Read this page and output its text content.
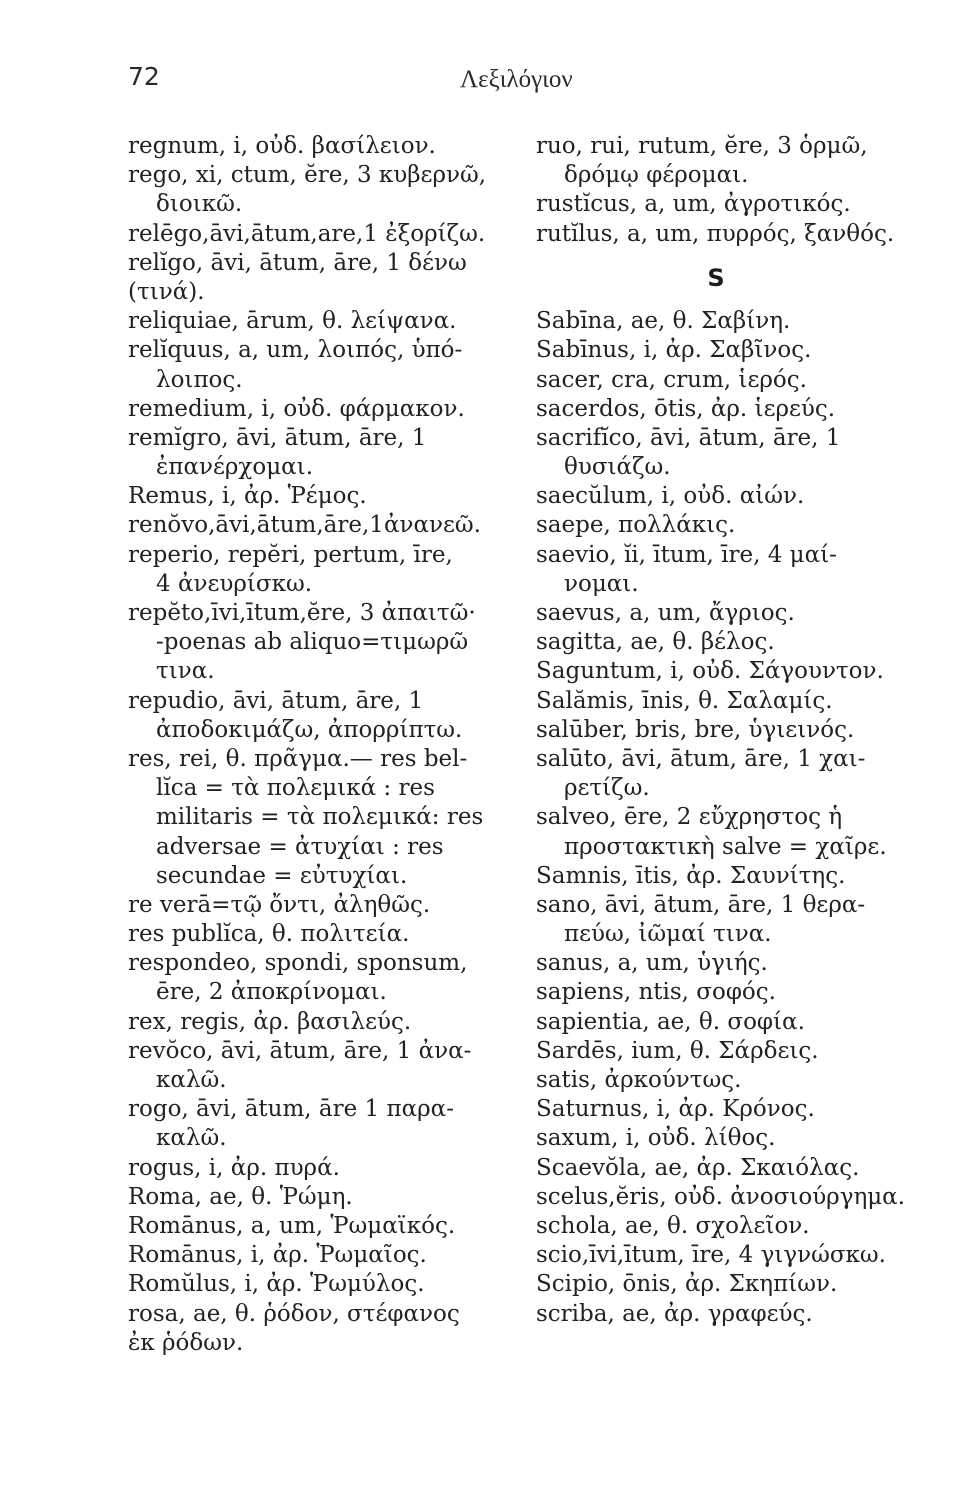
72	Λεξιλόγιον
regnum, i, οὐδ. βασίλειον.
rego, xi, ctum, ĕre, 3 κυβερνῶ,
διοικῶ.
relēgo,āvi,ātum,are,1 ἐξορίζω.
relĭgo, āvi, ātum, āre, 1 δένω
(τινά).
reliquiae, ārum, θ. λείψανα.
relĭquus, a, um, λοιπός, ὑπό-
λοιπος.
remedium, i, οὐδ. φάρμακον.
remĭgro, āvi, ātum, āre, 1
ἐπανέρχομαι.
Remus, i, ἀρ. Ῥέμος.
renŏvo,āvi,ātum,āre,1ἀνανεῶ.
reperio, repĕri, pertum, īre,
4 ἀνευρίσκω.
repĕto,īvi,ītum,ĕre, 3 ἀπαιτῶ·
-poenas ab aliquo=τιμωρῶ
τινα.
repudio, āvi, ātum, āre, 1
ἀποδοκιμάζω, ἀπορρίπτω.
res, rei, θ. πρᾶγμα.— res bel-
lĭca = τὰ πολεμικά : res
militaris = τὰ πολεμικά: res
adversae = ἀτυχίαι : res
secundae = εὐτυχίαι.
re verā=τῷ ὄντι, ἀληθῶς.
res publĭca, θ. πολιτεία.
respondeo, spondi, sponsum,
ēre, 2 ἀποκρίνομαι.
rex, regis, ἀρ. βασιλεύς.
revŏco, āvi, ātum, āre, 1 ἀνα-
καλῶ.
rogo, āvi, ātum, āre 1 παρα-
καλῶ.
rogus, i, ἀρ. πυρά.
Roma, ae, θ. Ῥώμη.
Romānus, a, um, Ῥωμαϊκός.
Romānus, i, ἀρ. Ῥωμαῖος.
Romŭlus, i, ἀρ. Ῥωμύλος.
rosa, ae, θ. ῥόδον, στέφανος
ἐκ ῥόδων.
ruo, rui, rutum, ĕre, 3 ὁρμῶ,
δρόμῳ φέρομαι.
rustĭcus, a, um, ἀγροτικός.
rutĭlus, a, um, πυρρός, ξανθός.
S
Sabīna, ae, θ. Σαβίνη.
Sabīnus, i, ἀρ. Σαβῖνος.
sacer, cra, crum, ἱερός.
sacerdos, ōtis, ἀρ. ἱερεύς.
sacrifĭco, āvi, ātum, āre, 1
θυσιάζω.
saecŭlum, i, οὐδ. αἰών.
saepe, πολλάκις.
saevio, ĭi, ītum, īre, 4 μαί-
νομαι.
saevus, a, um, ἄγριος.
sagitta, ae, θ. βέλος.
Saguntum, i, οὐδ. Σάγουντον.
Salămis, īnis, θ. Σαλαμίς.
salūber, bris, bre, ὑγιεινός.
salūto, āvi, ātum, āre, 1 χαι-
ρετίζω.
salveo, ēre, 2 εὔχρηστος ἡ
προστακτικὴ salve = χαῖρε.
Samnis, ītis, ἀρ. Σαυνίτης.
sano, āvi, ātum, āre, 1 θερα-
πεύω, ἰῶμαί τινα.
sanus, a, um, ὑγιής.
sapiens, ntis, σοφός.
sapientia, ae, θ. σοφία.
Sardēs, ium, θ. Σάρδεις.
satis, ἀρκούντως.
Saturnus, i, ἀρ. Κρόνος.
saxum, i, οὐδ. λίθος.
Scaevŏla, ae, ἀρ. Σκαιόλας.
scelus,ĕris, οὐδ. ἀνοσιούργημα.
schola, ae, θ. σχολεῖον.
scio,īvi,ītum, īre, 4 γιγνώσκω.
Scipio, ōnis, ἀρ. Σκηπίων.
scriba, ae, ἀρ. γραφεύς.
